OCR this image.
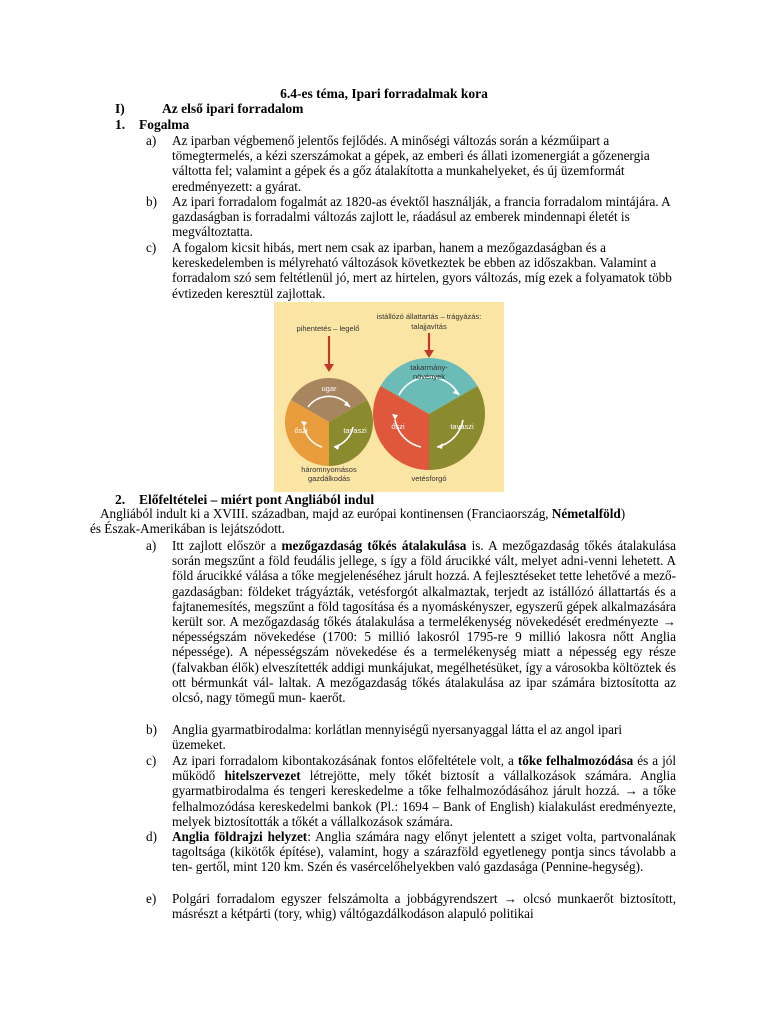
6.4-es téma, Ipari forradalmak kora
I)	Az első ipari forradalom
1. Fogalma
a) Az iparban végbemenő jelentős fejlődés. A minőségi változás során a kézműipart a tömegtermelés, a kézi szerszámokat a gépek, az emberi és állati izomenergiát a gőzenergia váltotta fel; valamint a gépek és a gőz átalakította a munkahelyeket, és új üzemformát eredményezett: a gyárat.
b) Az ipari forradalom fogalmát az 1820-as évektől használják, a francia forradalom mintájára. A gazdaságban is forradalmi változás zajlott le, ráadásul az emberek mindennapi életét is megváltoztatta.
c) A fogalom kicsit hibás, mert nem csak az iparban, hanem a mezőgazdaságban és a kereskedelemben is mélyreható változások következtek be ebben az időszakban. Valamint a forradalom szó sem feltétlenül jó, mert az hirtelen, gyors változás, míg ezek a folyamatok több évtizeden keresztül zajlottak.
pihentetés – legelő
istállózó állattartás – trágyázás:
talajjavítás
ugar
őszi	tavaszi
háromnyomásos
gazdálkodás
takarmány-
növények
őszi	tavaszi
vetésforgó
2. Előfeltételei – miért pont Angliából indul
Angliából indult ki a XVIII. században, majd az európai kontinensen (Franciaország, Németalföld)
és Észak-Amerikában is lejátszódott.
a) Itt zajlott először a mezőgazdaság tőkés átalakulása is. A mezőgazdaság tőkés átalakulása során megszűnt a föld feudális jellege, s így a föld árucikké vált, melyet adni-venni lehetett. A föld árucikké válása a tőke megjelenéséhez járult hozzá. A fejlesztéseket tette lehetővé a mező- gazdaságban: földeket trágyázták, vetésforgót alkalmaztak, terjedt az istállózó állattartás és a fajtanemesítés, megszűnt a föld tagosítása és a nyomáskényszer, egyszerű gépek alkalmazására került sor. A mezőgazdaság tőkés átalakulása a termelékenység növekedését eredményezte → népességszám növekedése (1700: 5 millió lakosról 1795-re 9 millió lakosra nőtt Anglia népessége). A népességszám növekedése és a termelékenység miatt a népesség egy része (falvakban élők) elveszítették addigi munkájukat, megélhetésüket, így a városokba költöztek és ott bérmunkát vál- laltak. A mezőgazdaság tőkés átalakulása az ipar számára biztosította az olcsó, nagy tömegű mun- kaerőt.
b) Anglia gyarmatbirodalma: korlátlan mennyiségű nyersanyaggal látta el az angol ipari üzemeket.
c) Az ipari forradalom kibontakozásának fontos előfeltétele volt, a tőke felhalmozódása és a jól működő hitelszervezet létrejötte, mely tőkét biztosít a vállalkozások számára. Anglia gyarmatbirodalma és tengeri kereskedelme a tőke felhalmozódásához járult hozzá. → a tőke felhalmozódása kereskedelmi bankok (Pl.: 1694 – Bank of English) kialakulást eredményezte, melyek biztosították a tőkét a vállalkozások számára.
d) Anglia földrajzi helyzet: Anglia számára nagy előnyt jelentett a sziget volta, partvonalának tagoltsága (kikötők építése), valamint, hogy a szárazföld egyetlenegy pontja sincs távolabb a ten- gertől, mint 120 km. Szén és vasércelőhelyekben való gazdasága (Pennine-hegység).
e) Polgári forradalom egyszer felszámolta a jobbágyrendszert → olcsó munkaerőt biztosított, másrészt a kétpárti (tory, whig) váltógazdálkodáson alapuló politikai
